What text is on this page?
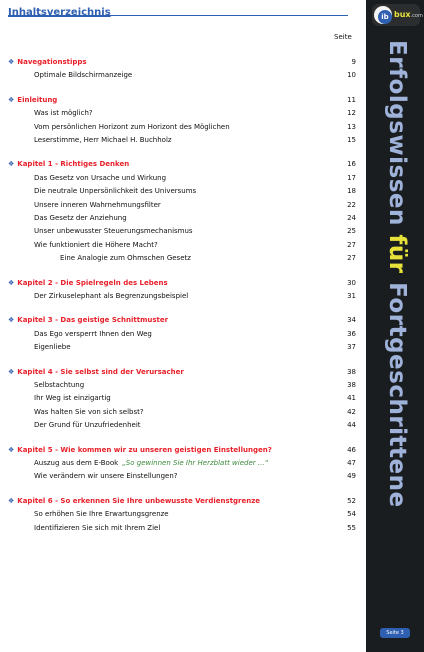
Inhaltsverzeichnis
Seite
❖ Navegationstipps	9
Optimale Bildschirmanzeige	10
❖ Einleitung	11
Was ist möglich?	12
Vom persönlichen Horizont zum Horizont des Möglichen	13
Leserstimme, Herr Michael H. Buchholz	15
❖ Kapitel 1 - Richtiges Denken	16
Das Gesetz von Ursache und Wirkung	17
Die neutrale Unpersönlichkeit des Universums	18
Unsere inneren Wahrnehmungsfilter	22
Das Gesetz der Anziehung	24
Unser unbewusster Steuerungsmechanismus	25
Wie funktioniert die Höhere Macht?	27
Eine Analogie zum Ohmschen Gesetz	27
❖ Kapitel 2 - Die Spielregeln des Lebens	30
Der Zirkuselephant als Begrenzungsbeispiel	31
❖ Kapitel 3 - Das geistige Schnittmuster	34
Das Ego versperrt Ihnen den Weg	36
Eigenliebe	37
❖ Kapitel 4 - Sie selbst sind der Verursacher	38
Selbstachtung	38
Ihr Weg ist einzigartig	41
Was halten Sie von sich selbst?	42
Der Grund für Unzufriedenheit	44
❖ Kapitel 5 - Wie kommen wir zu unseren geistigen Einstellungen?	46
Auszug aus dem E-Book „So gewinnen Sie Ihr Herzblatt wieder ...“	47
Wie verändern wir unsere Einstellungen?	49
❖ Kapitel 6 - So erkennen Sie Ihre unbewusste Verdienstgrenze	52
So erhöhen Sie Ihre Erwartungsgrenze	54
Identifizieren Sie sich mit Ihrem Ziel	55
ib bux.com
Erfolgswissen für Fortgeschrittene
Seite 3
